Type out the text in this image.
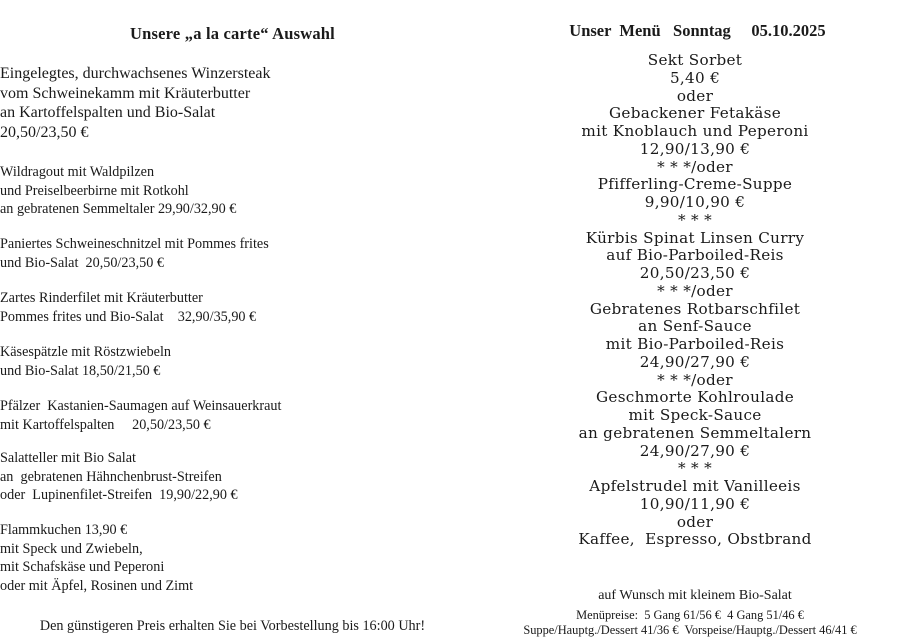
Unsere „a la carte“ Auswahl
Eingelegtes, durchwachsenes Winzersteak
vom Schweinekamm mit Kräuterbutter
an Kartoffelspalten und Bio-Salat
20,50/23,50 €
Wildragout mit Waldpilzen
und Preiselbeerbirne mit Rotkohl
an gebratenen Semmeltaler 29,90/32,90 €
Paniertes Schweineschnitzel mit Pommes frites
und Bio-Salat  20,50/23,50 €
Zartes Rinderfilet mit Kräuterbutter
Pommes frites und Bio-Salat    32,90/35,90 €
Käsespätzle mit Röstzwiebeln
und Bio-Salat 18,50/21,50 €
Pfälzer  Kastanien-Saumagen auf Weinsauerkraut
mit Kartoffelspalten     20,50/23,50 €
Salatteller mit Bio Salat
an  gebratenen Hähnchenbrust-Streifen
oder  Lupinenfilet-Streifen  19,90/22,90 €
Flammkuchen 13,90 €
mit Speck und Zwiebeln,
mit Schafskäse und Peperoni
oder mit Äpfel, Rosinen und Zimt
Den günstigeren Preis erhalten Sie bei Vorbestellung bis 16:00 Uhr!
Unser  Menü   Sonntag     05.10.2025
Sekt Sorbet
5,40 €
oder
Gebackener Fetakäse
mit Knoblauch und Peperoni
12,90/13,90 €
* * */oder
Pfifferling-Creme-Suppe
9,90/10,90 €
* * *
Kürbis Spinat Linsen Curry
auf Bio-Parboiled-Reis
20,50/23,50 €
* * */oder
Gebratenes Rotbarschfilet
an Senf-Sauce
mit Bio-Parboiled-Reis
24,90/27,90 €
* * */oder
Geschmorte Kohlroulade
mit Speck-Sauce
an gebratenen Semmeltalern
24,90/27,90 €
* * *
Apfelstrudel mit Vanilleeis
10,90/11,90 €
oder
Kaffee,  Espresso, Obstbrand
auf Wunsch mit kleinem Bio-Salat
Menüpreise:  5 Gang 61/56 €  4 Gang 51/46 €
Suppe/Hauptg./Dessert 41/36 €  Vorspeise/Hauptg./Dessert 46/41 €
